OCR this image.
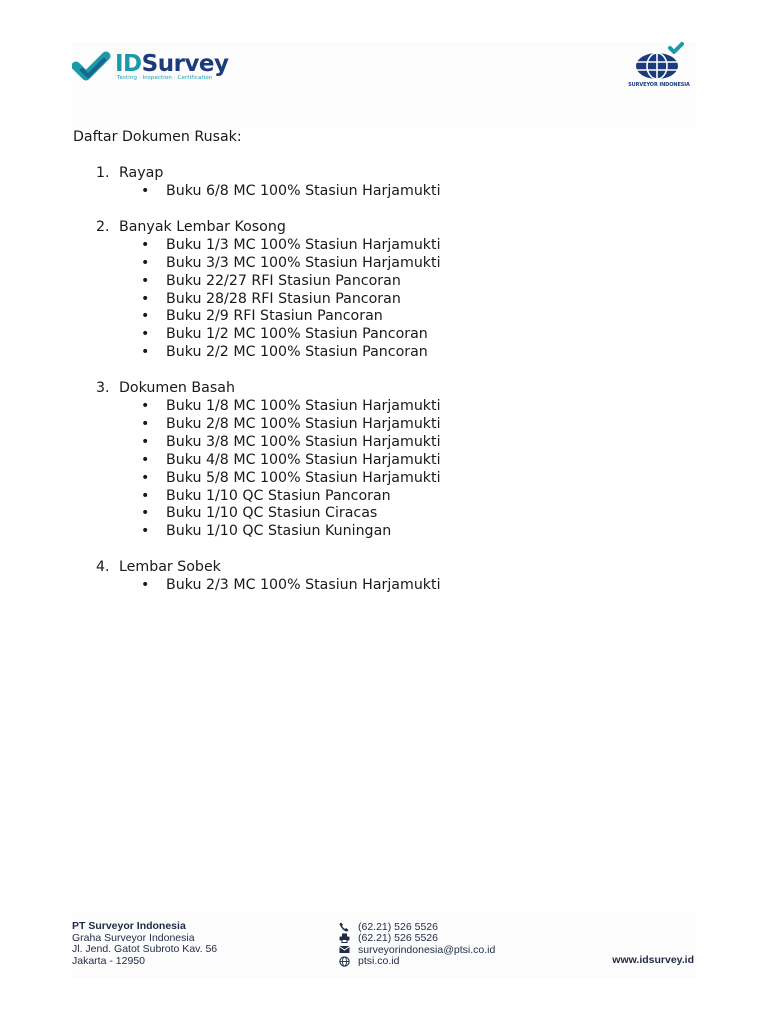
IDSurvey
Testing · Inspection · Certification
SURVEYOR INDONESIA
Daftar Dokumen Rusak:
1. Rayap
• Buku 6/8 MC 100% Stasiun Harjamukti
2. Banyak Lembar Kosong
• Buku 1/3 MC 100% Stasiun Harjamukti
• Buku 3/3 MC 100% Stasiun Harjamukti
• Buku 22/27 RFI Stasiun Pancoran
• Buku 28/28 RFI Stasiun Pancoran
• Buku 2/9 RFI Stasiun Pancoran
• Buku 1/2 MC 100% Stasiun Pancoran
• Buku 2/2 MC 100% Stasiun Pancoran
3. Dokumen Basah
• Buku 1/8 MC 100% Stasiun Harjamukti
• Buku 2/8 MC 100% Stasiun Harjamukti
• Buku 3/8 MC 100% Stasiun Harjamukti
• Buku 4/8 MC 100% Stasiun Harjamukti
• Buku 5/8 MC 100% Stasiun Harjamukti
• Buku 1/10 QC Stasiun Pancoran
• Buku 1/10 QC Stasiun Ciracas
• Buku 1/10 QC Stasiun Kuningan
4. Lembar Sobek
• Buku 2/3 MC 100% Stasiun Harjamukti
PT Surveyor Indonesia
Graha Surveyor Indonesia
Jl. Jend. Gatot Subroto Kav. 56
Jakarta - 12950
(62.21) 526 5526
(62.21) 526 5526
surveyorindonesia@ptsi.co.id
ptsi.co.id	www.idsurvey.id
